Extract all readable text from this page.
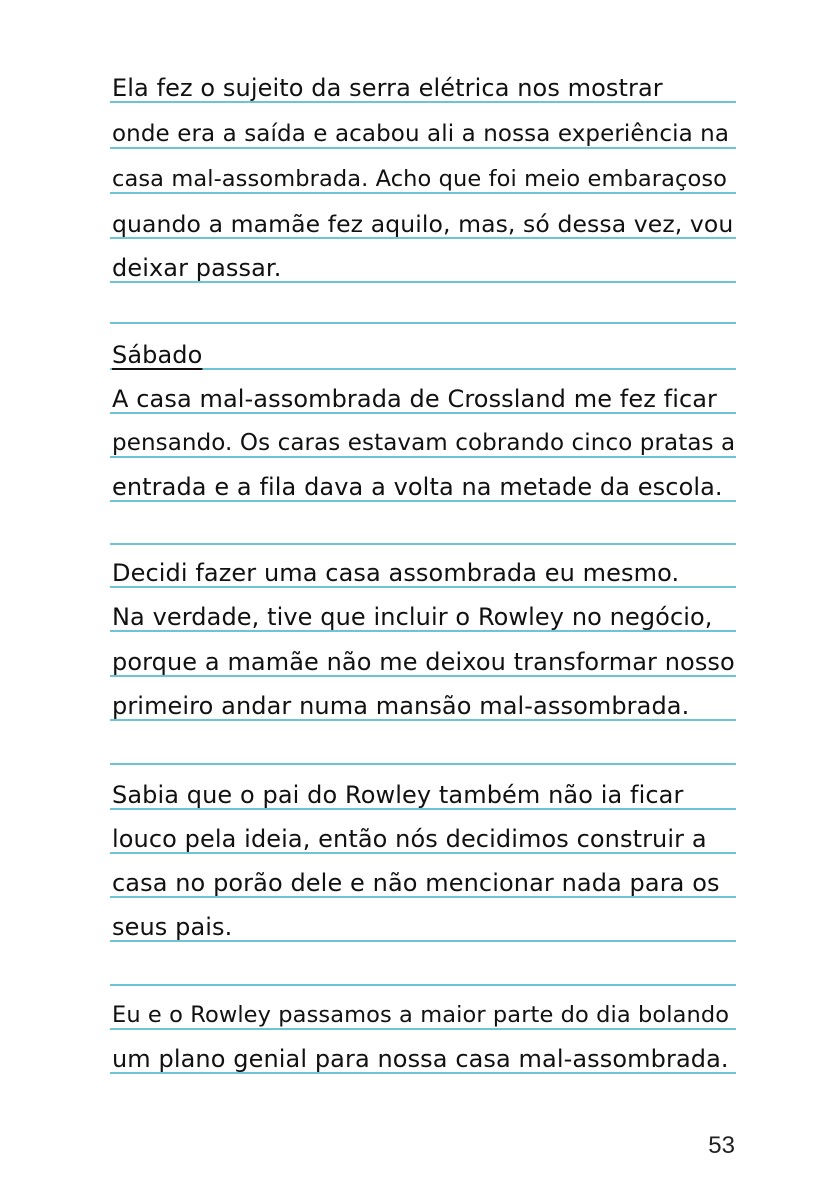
Ela fez o sujeito da serra elétrica nos mostrar
onde era a saída e acabou ali a nossa experiência na
casa mal-assombrada. Acho que foi meio embaraçoso
quando a mamãe fez aquilo, mas, só dessa vez, vou
deixar passar.
Sábado
A casa mal-assombrada de Crossland me fez ficar
pensando. Os caras estavam cobrando cinco pratas a
entrada e a fila dava a volta na metade da escola.
Decidi fazer uma casa assombrada eu mesmo.
Na verdade, tive que incluir o Rowley no negócio,
porque a mamãe não me deixou transformar nosso
primeiro andar numa mansão mal-assombrada.
Sabia que o pai do Rowley também não ia ficar
louco pela ideia, então nós decidimos construir a
casa no porão dele e não mencionar nada para os
seus pais.
Eu e o Rowley passamos a maior parte do dia bolando
um plano genial para nossa casa mal-assombrada.
53
